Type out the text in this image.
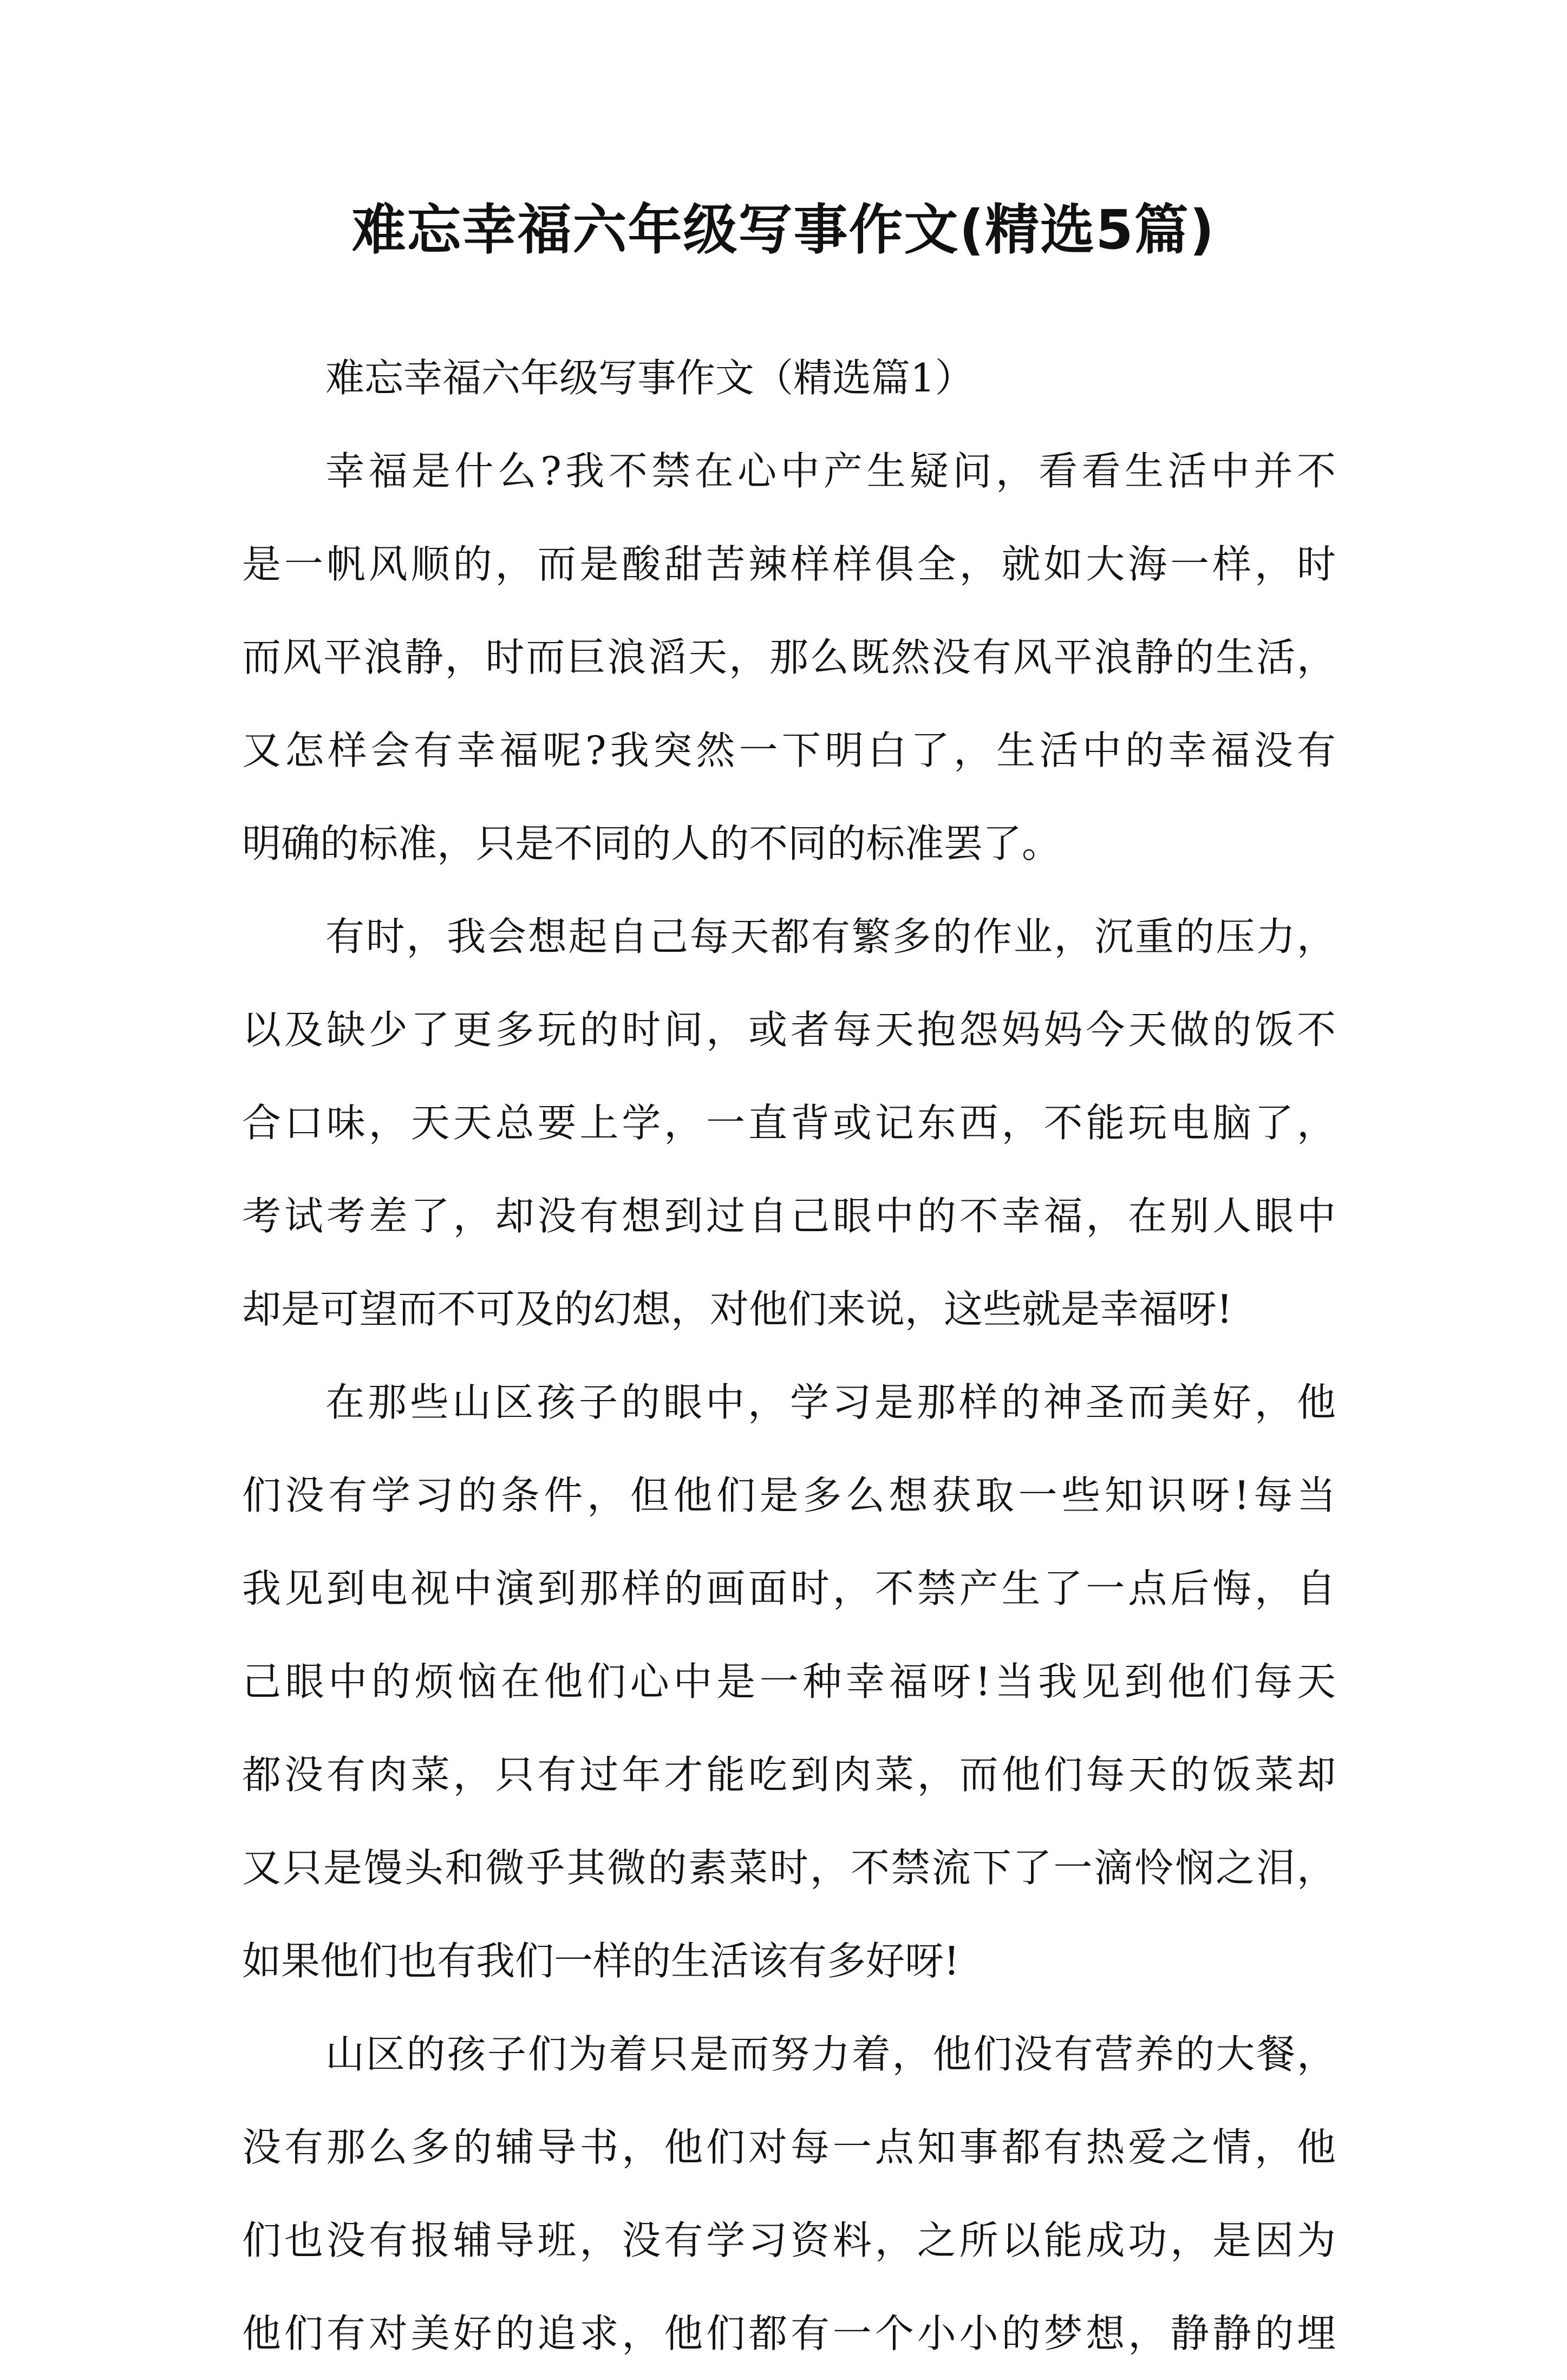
难忘幸福六年级写事作文(精选5篇)
难忘幸福六年级写事作文（精选篇1）
幸福是什么?我不禁在心中产生疑问，看看生活中并不
是一帆风顺的，而是酸甜苦辣样样俱全，就如大海一样，时
而风平浪静，时而巨浪滔天，那么既然没有风平浪静的生活，
又怎样会有幸福呢?我突然一下明白了，生活中的幸福没有
明确的标准，只是不同的人的不同的标准罢了。
有时，我会想起自己每天都有繁多的作业，沉重的压力，
以及缺少了更多玩的时间，或者每天抱怨妈妈今天做的饭不
合口味，天天总要上学，一直背或记东西，不能玩电脑了，
考试考差了，却没有想到过自己眼中的不幸福，在别人眼中
却是可望而不可及的幻想，对他们来说，这些就是幸福呀!
在那些山区孩子的眼中，学习是那样的神圣而美好，他
们没有学习的条件，但他们是多么想获取一些知识呀!每当
我见到电视中演到那样的画面时，不禁产生了一点后悔，自
己眼中的烦恼在他们心中是一种幸福呀!当我见到他们每天
都没有肉菜，只有过年才能吃到肉菜，而他们每天的饭菜却
又只是馒头和微乎其微的素菜时，不禁流下了一滴怜悯之泪，
如果他们也有我们一样的生活该有多好呀!
山区的孩子们为着只是而努力着，他们没有营养的大餐，
没有那么多的辅导书，他们对每一点知事都有热爱之情，他
们也没有报辅导班，没有学习资料，之所以能成功，是因为
他们有对美好的追求，他们都有一个小小的梦想，静静的埋
